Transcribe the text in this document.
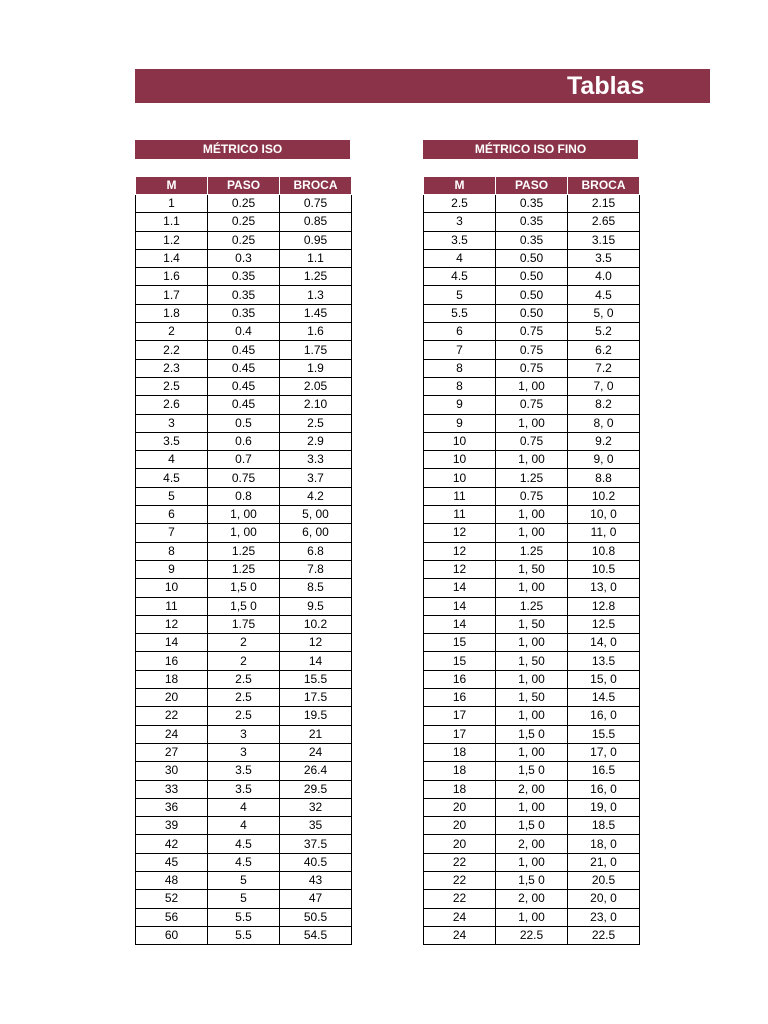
Tablas
MÉTRICO ISO	MÉTRICO ISO FINO
M	PASO	BROCA
1	0.25	0.75
1.1	0.25	0.85
1.2	0.25	0.95
1.4	0.3	1.1
1.6	0.35	1.25
1.7	0.35	1.3
1.8	0.35	1.45
2	0.4	1.6
2.2	0.45	1.75
2.3	0.45	1.9
2.5	0.45	2.05
2.6	0.45	2.10
3	0.5	2.5
3.5	0.6	2.9
4	0.7	3.3
4.5	0.75	3.7
5	0.8	4.2
6	1, 00	5, 00
7	1, 00	6, 00
8	1.25	6.8
9	1.25	7.8
10	1,5 0	8.5
11	1,5 0	9.5
12	1.75	10.2
14	2	12
16	2	14
18	2.5	15.5
20	2.5	17.5
22	2.5	19.5
24	3	21
27	3	24
30	3.5	26.4
33	3.5	29.5
36	4	32
39	4	35
42	4.5	37.5
45	4.5	40.5
48	5	43
52	5	47
56	5.5	50.5
60	5.5	54.5
M	PASO	BROCA
2.5	0.35	2.15
3	0.35	2.65
3.5	0.35	3.15
4	0.50	3.5
4.5	0.50	4.0
5	0.50	4.5
5.5	0.50	5, 0
6	0.75	5.2
7	0.75	6.2
8	0.75	7.2
8	1, 00	7, 0
9	0.75	8.2
9	1, 00	8, 0
10	0.75	9.2
10	1, 00	9, 0
10	1.25	8.8
11	0.75	10.2
11	1, 00	10, 0
12	1, 00	11, 0
12	1.25	10.8
12	1, 50	10.5
14	1, 00	13, 0
14	1.25	12.8
14	1, 50	12.5
15	1, 00	14, 0
15	1, 50	13.5
16	1, 00	15, 0
16	1, 50	14.5
17	1, 00	16, 0
17	1,5 0	15.5
18	1, 00	17, 0
18	1,5 0	16.5
18	2, 00	16, 0
20	1, 00	19, 0
20	1,5 0	18.5
20	2, 00	18, 0
22	1, 00	21, 0
22	1,5 0	20.5
22	2, 00	20, 0
24	1, 00	23, 0
24	22.5	22.5
